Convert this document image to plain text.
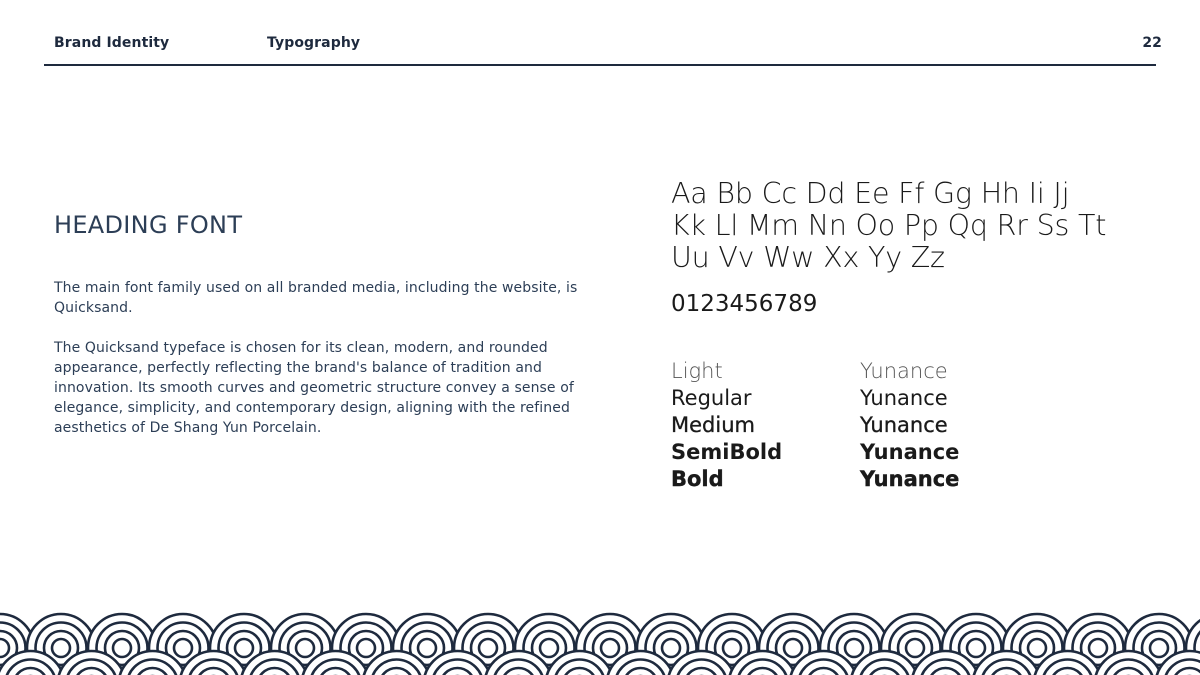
Brand Identity	Typography	22
HEADING FONT

The main font family used on all branded media, including the website, is Quicksand.

The Quicksand typeface is chosen for its clean, modern, and rounded appearance, perfectly reflecting the brand's balance of tradition and innovation. Its smooth curves and geometric structure convey a sense of elegance, simplicity, and contemporary design, aligning with the refined aesthetics of De Shang Yun Porcelain.

Aa Bb Cc Dd Ee Ff Gg Hh Ii Jj
Kk Ll Mm Nn Oo Pp Qq Rr Ss Tt
Uu Vv Ww Xx Yy Zz
0123456789
Light	Yunance
Regular	Yunance
Medium	Yunance
SemiBold	Yunance
Bold	Yunance
